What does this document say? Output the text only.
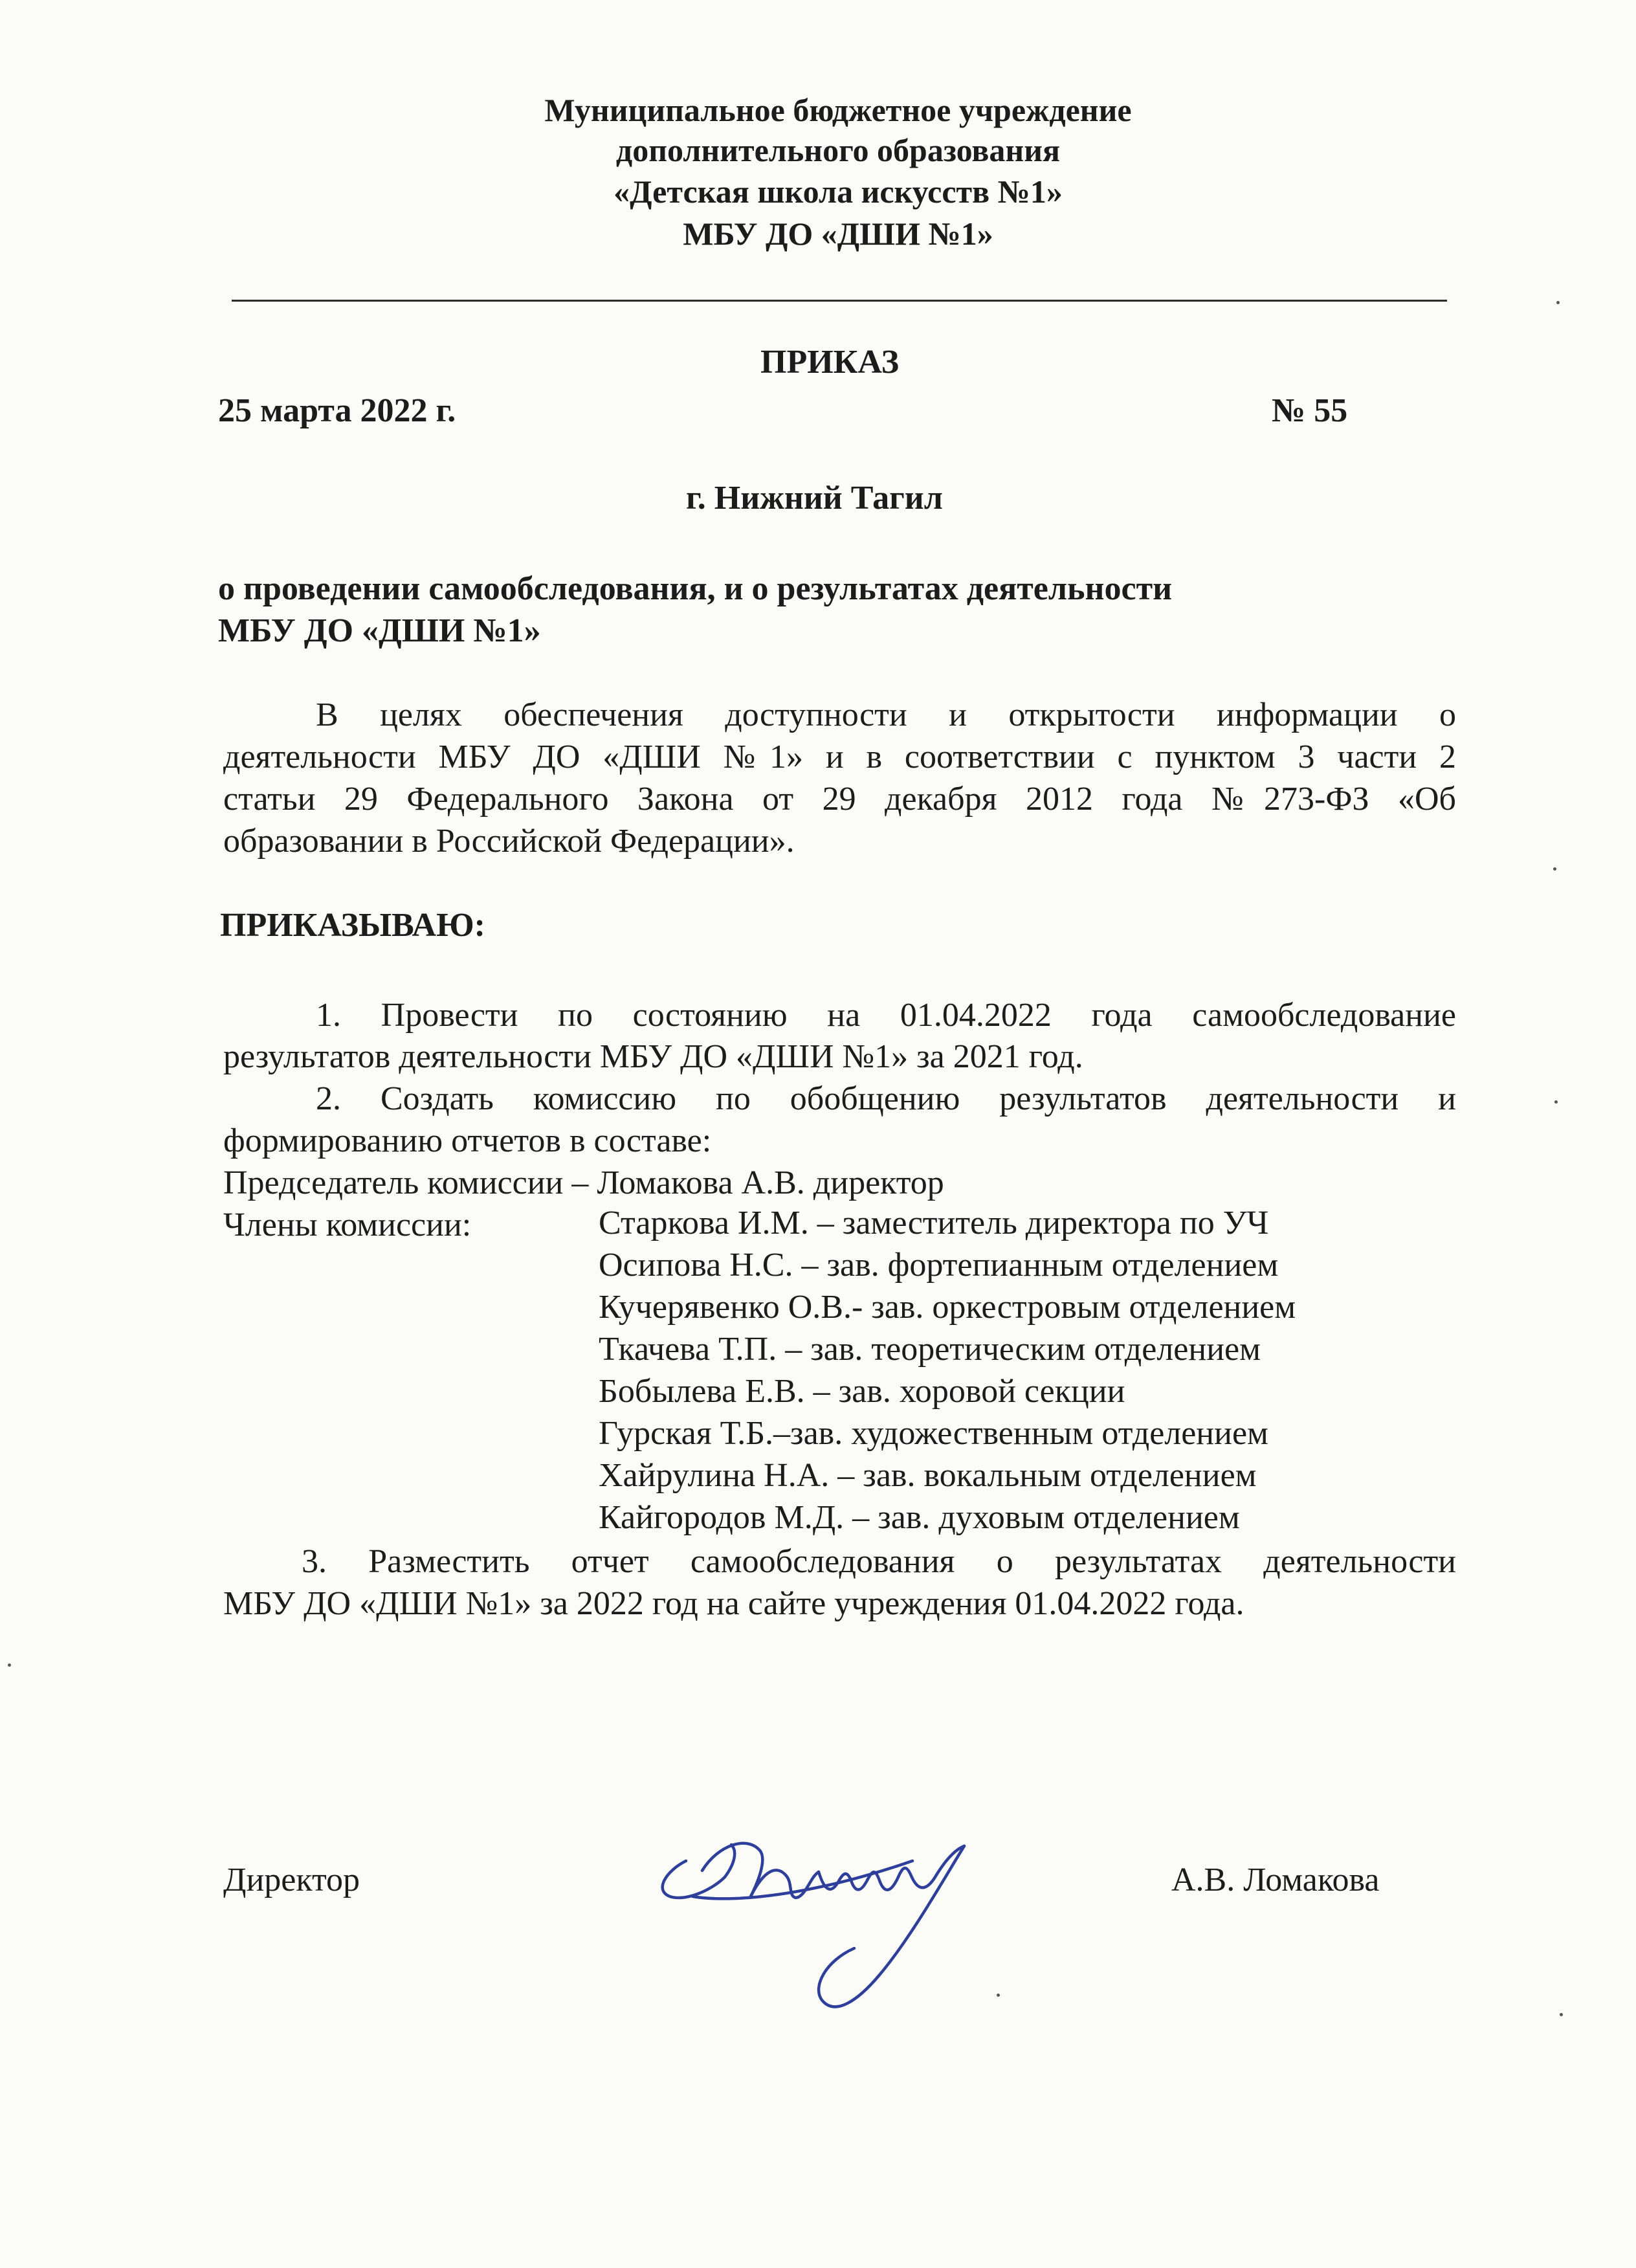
Муниципальное бюджетное учреждение
дополнительного образования
«Детская школа искусств №1»
МБУ ДО «ДШИ №1»
ПРИКАЗ
25 марта 2022 г.	№ 55
г. Нижний Тагил
о проведении самообследования, и о результатах деятельности
МБУ ДО «ДШИ №1»
В целях обеспечения доступности и открытости информации о
деятельности МБУ ДО «ДШИ №1» и в соответствии с пунктом 3 части 2
статьи 29 Федерального Закона от 29 декабря 2012 года №273-ФЗ «Об
образовании в Российской Федерации».
ПРИКАЗЫВАЮ:
1. Провести по состоянию на 01.04.2022 года самообследование
результатов деятельности МБУ ДО «ДШИ №1» за 2021 год.
2. Создать комиссию по обобщению результатов деятельности и
формированию отчетов в составе:
Председатель комиссии – Ломакова А.В. директор
Члены комиссии:	Старкова И.М. – заместитель директора по УЧ
Осипова Н.С. – зав. фортепианным отделением
Кучерявенко О.В.- зав. оркестровым отделением
Ткачева Т.П. – зав. теоретическим отделением
Бобылева Е.В. – зав. хоровой секции
Гурская Т.Б.–зав. художественным отделением
Хайрулина Н.А. – зав. вокальным отделением
Кайгородов М.Д. – зав. духовым отделением
3. Разместить отчет самообследования о результатах деятельности
МБУ ДО «ДШИ №1» за 2022 год на сайте учреждения 01.04.2022 года.
Директор	А.В. Ломакова
